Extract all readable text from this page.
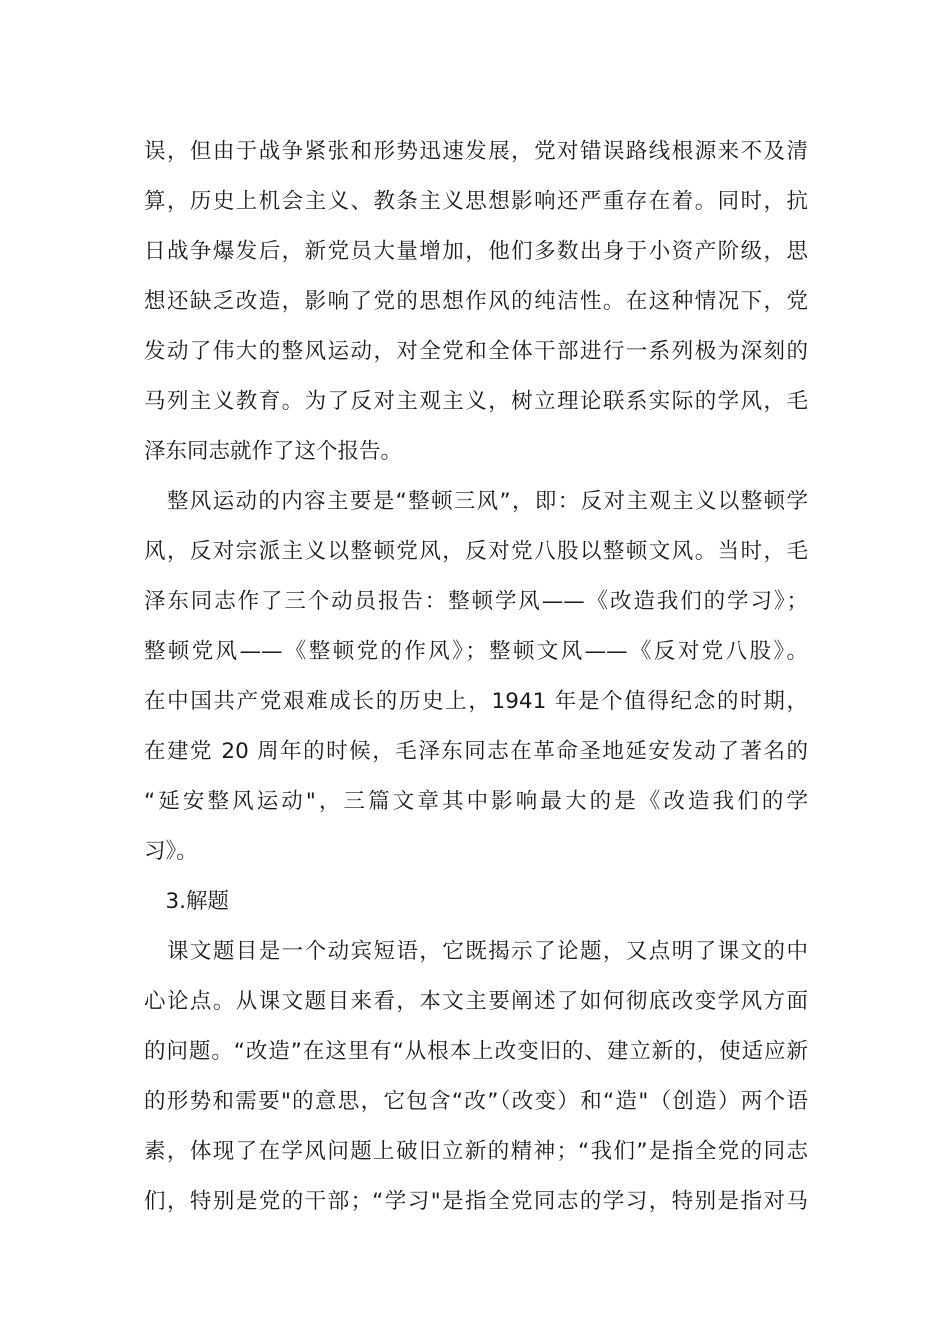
误，但由于战争紧张和形势迅速发展，党对错误路线根源来不及清
算，历史上机会主义、教条主义思想影响还严重存在着。同时，抗
日战争爆发后，新党员大量增加，他们多数出身于小资产阶级，思
想还缺乏改造，影响了党的思想作风的纯洁性。在这种情况下，党
发动了伟大的整风运动，对全党和全体干部进行一系列极为深刻的
马列主义教育。为了反对主观主义，树立理论联系实际的学风，毛
泽东同志就作了这个报告。
　整风运动的内容主要是“整顿三风”，即：反对主观主义以整顿学
风，反对宗派主义以整顿党风，反对党八股以整顿文风。当时，毛
泽东同志作了三个动员报告：整顿学风——《改造我们的学习》；
整顿党风——《整顿党的作风》；整顿文风——《反对党八股》。
在中国共产党艰难成长的历史上，1941 年是个值得纪念的时期，
在建党 20 周年的时候，毛泽东同志在革命圣地延安发动了著名的
“延安整风运动"，三篇文章其中影响最大的是《改造我们的学
习》。
　3.解题
　课文题目是一个动宾短语，它既揭示了论题，又点明了课文的中
心论点。从课文题目来看，本文主要阐述了如何彻底改变学风方面
的问题。“改造”在这里有“从根本上改变旧的、建立新的，使适应新
的形势和需要"的意思，它包含“改”（改变）和“造"（创造）两个语
素，体现了在学风问题上破旧立新的精神；“我们”是指全党的同志
们，特别是党的干部；“学习"是指全党同志的学习，特别是指对马
